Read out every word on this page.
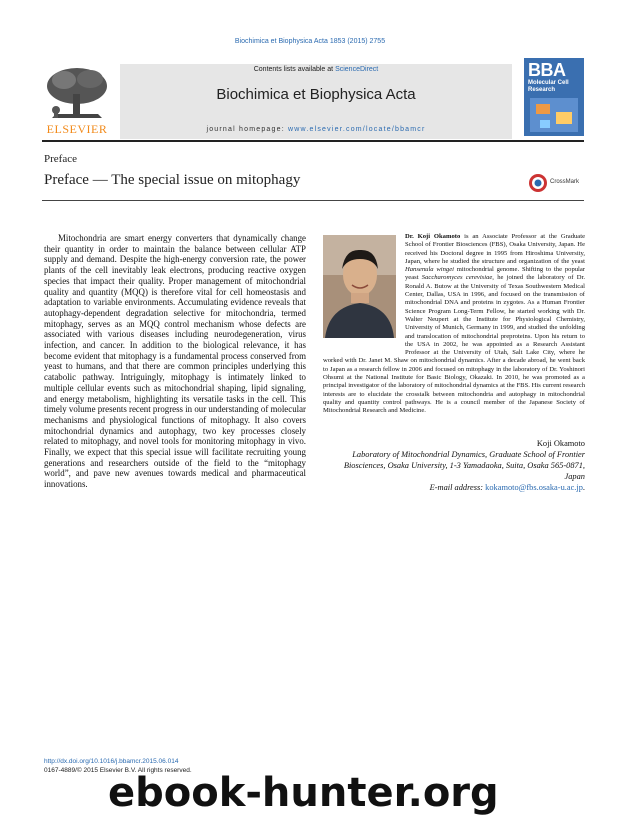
Biochimica et Biophysica Acta 1853 (2015) 2755
Contents lists available at ScienceDirect
Biochimica et Biophysica Acta
journal homepage: www.elsevier.com/locate/bbamcr
ELSEVIER
BBA
Molecular Cell Research
Preface
Preface — The special issue on mitophagy	CrossMark
Mitochondria are smart energy converters that dynamically change their quantity in order to maintain the balance between cellular ATP supply and demand. Despite the high-energy conversion rate, the power plants of the cell inevitably leak electrons, producing reactive oxygen species that impact their quality. Proper management of mitochondrial quality and quantity (MQQ) is therefore vital for cell homeostasis and adaptation to variable environments. Accumulating evidence reveals that autophagy-dependent degradation selective for mitochondria, termed mitophagy, serves as an MQQ control mechanism whose defects are associated with various diseases including neurodegeneration, virus infection, and cancer. In addition to the biological relevance, it has become evident that mitophagy is a fundamental process conserved from yeast to humans, and that there are common principles underlying this catabolic pathway. Intriguingly, mitophagy is intimately linked to multiple cellular events such as mitochondrial shaping, lipid signaling, and energy metabolism, highlighting its versatile tasks in the cell. This timely volume presents recent progress in our understanding of molecular mechanisms and physiological functions of mitophagy. It also covers mitochondrial dynamics and autophagy, two key processes closely related to mitophagy, and novel tools for monitoring mitophagy in vivo. Finally, we expect that this special issue will facilitate recruiting young generations and researchers outside of the field to the “mitophagy world”, and pave new avenues towards medical and pharmaceutical innovations.
Dr. Koji Okamoto is an Associate Professor at the Graduate School of Frontier Biosciences (FBS), Osaka University, Japan. He received his Doctoral degree in 1995 from Hiroshima University, Japan, where he studied the structure and organization of the yeast Hansenula wingei mitochondrial genome. Shifting to the popular yeast Saccharomyces cerevisiae, he joined the laboratory of Dr. Ronald A. Butow at the University of Texas Southwestern Medical Center, Dallas, USA in 1996, and focused on the transmission of mitochondrial DNA and proteins in zygotes. As a Human Frontier Science Program Long-Term Fellow, he started working with Dr. Walter Neupert at the Institute for Physiological Chemistry, University of Munich, Germany in 1999, and studied the unfolding and translocation of mitochondrial preproteins. Upon his return to the USA in 2002, he was appointed as a Research Assistant Professor at the University of Utah, Salt Lake City, where he worked with Dr. Janet M. Shaw on mitochondrial dynamics. After a decade abroad, he went back to Japan as a research fellow in 2006 and focused on mitophagy in the laboratory of Dr. Yoshinori Ohsumi at the National Institute for Basic Biology, Okazaki. In 2010, he was promoted as a principal investigator of the laboratory of mitochondrial dynamics at the FBS. His current research interests are to elucidate the crosstalk between mitochondria and autophagy in mitochondrial quality and quantity control pathways. He is a council member of the Japanese Society of Mitochondrial Research and Medicine.
Koji Okamoto
Laboratory of Mitochondrial Dynamics, Graduate School of Frontier
Biosciences, Osaka University, 1-3 Yamadaoka, Suita, Osaka 565-0871, Japan
E-mail address: kokamoto@fbs.osaka-u.ac.jp.
http://dx.doi.org/10.1016/j.bbamcr.2015.06.014
0167-4889/© 2015 Elsevier B.V. All rights reserved.
ebook-hunter.org
